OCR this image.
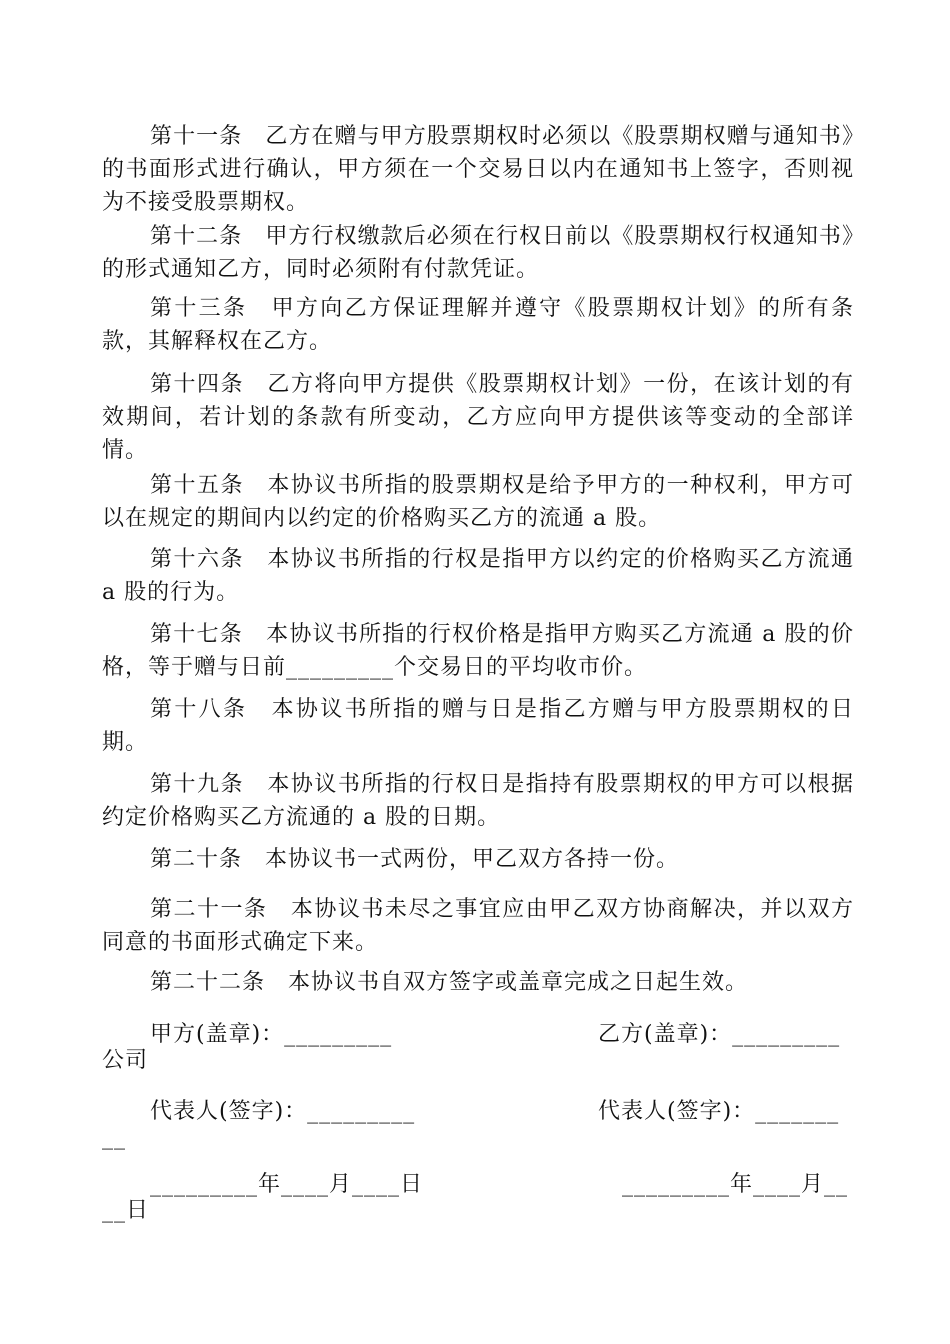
第十一条　乙方在赠与甲方股票期权时必须以《股票期权赠与通知书》的书面形式进行确认，甲方须在一个交易日以内在通知书上签字，否则视为不接受股票期权。

第十二条　甲方行权缴款后必须在行权日前以《股票期权行权通知书》的形式通知乙方，同时必须附有付款凭证。

第十三条　甲方向乙方保证理解并遵守《股票期权计划》的所有条款，其解释权在乙方。

第十四条　乙方将向甲方提供《股票期权计划》一份，在该计划的有效期间，若计划的条款有所变动，乙方应向甲方提供该等变动的全部详情。

第十五条　本协议书所指的股票期权是给予甲方的一种权利，甲方可以在规定的期间内以约定的价格购买乙方的流通 a 股。

第十六条　本协议书所指的行权是指甲方以约定的价格购买乙方流通 a 股的行为。

第十七条　本协议书所指的行权价格是指甲方购买乙方流通 a 股的价格，等于赠与日前_________个交易日的平均收市价。

第十八条　本协议书所指的赠与日是指乙方赠与甲方股票期权的日期。

第十九条　本协议书所指的行权日是指持有股票期权的甲方可以根据约定价格购买乙方流通的 a 股的日期。

第二十条　本协议书一式两份，甲乙双方各持一份。

第二十一条　本协议书未尽之事宜应由甲乙双方协商解决，并以双方同意的书面形式确定下来。

第二十二条　本协议书自双方签字或盖章完成之日起生效。

甲方(盖章)：_________	乙方(盖章)：_________
公司
代表人(签字)：_________	代表人(签字)：_______
__
_________年____月____日	_________年____月__
__日
